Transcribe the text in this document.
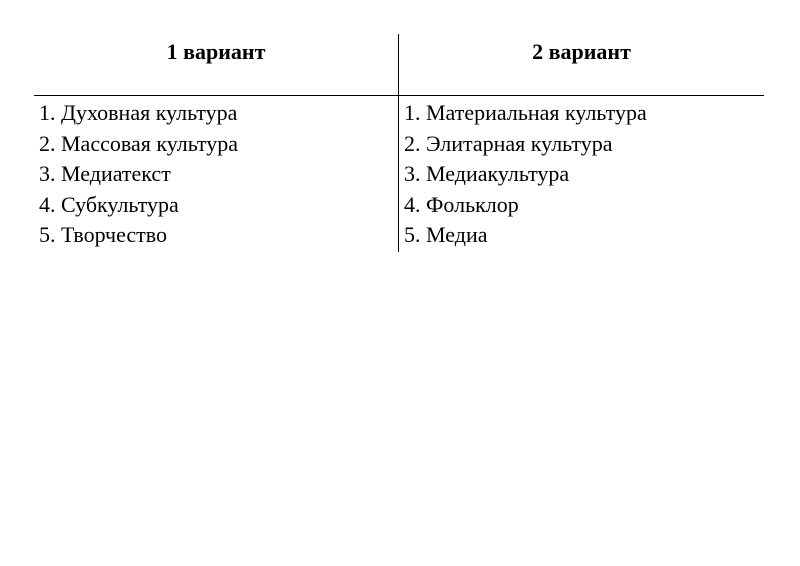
1 вариант	2 вариант
1. Духовная культура
2. Массовая культура
3. Медиатекст
4. Субкультура
5. Творчество
1. Материальная культура
2. Элитарная культура
3. Медиакультура
4. Фольклор
5. Медиа
